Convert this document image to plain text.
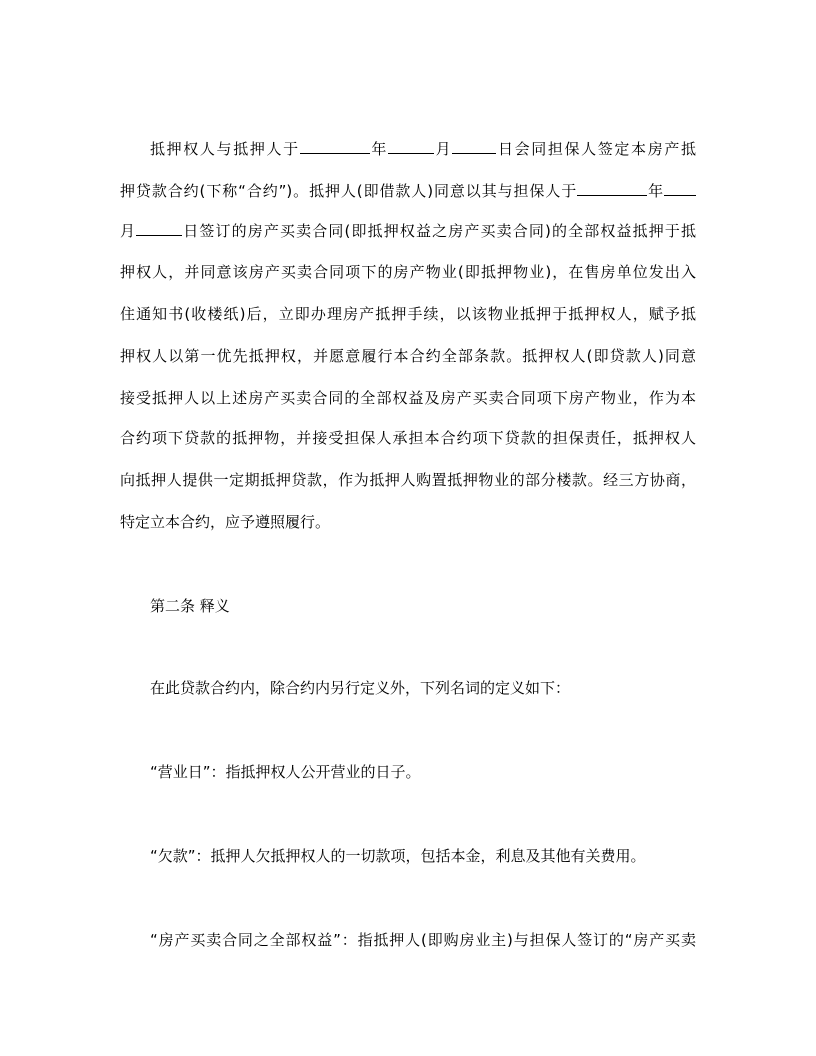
抵押权人与抵押人于	年	月	日会同担保人签定本房产抵
押贷款合约(下称“合约”)。抵押人(即借款人)同意以其与担保人于	年
月	日签订的房产买卖合同(即抵押权益之房产买卖合同)的全部权益抵押于抵
押权人，并同意该房产买卖合同项下的房产物业(即抵押物业)，在售房单位发出入
住通知书(收楼纸)后，立即办理房产抵押手续，以该物业抵押于抵押权人，赋予抵
押权人以第一优先抵押权，并愿意履行本合约全部条款。抵押权人(即贷款人)同意
接受抵押人以上述房产买卖合同的全部权益及房产买卖合同项下房产物业，作为本
合约项下贷款的抵押物，并接受担保人承担本合约项下贷款的担保责任，抵押权人
向抵押人提供一定期抵押贷款，作为抵押人购置抵押物业的部分楼款。经三方协商，
特定立本合约，应予遵照履行。
第二条 释义
在此贷款合约内，除合约内另行定义外，下列名词的定义如下：
“营业日”：指抵押权人公开营业的日子。
“欠款”：抵押人欠抵押权人的一切款项，包括本金，利息及其他有关费用。
“房产买卖合同之全部权益”：指抵押人(即购房业主)与担保人签订的“房产买卖
